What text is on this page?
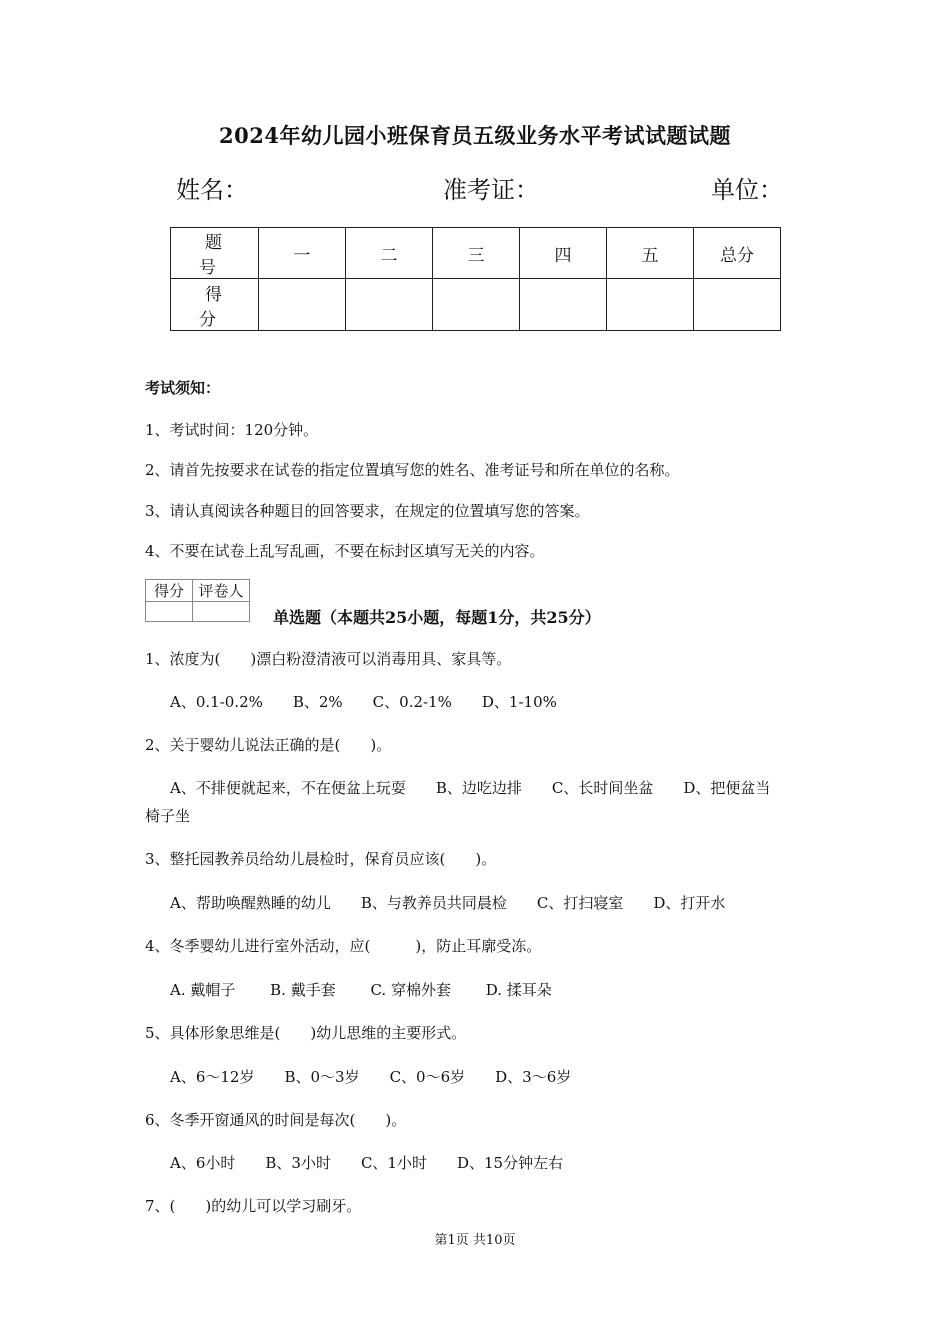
2024年幼儿园小班保育员五级业务水平考试试题试题
姓名：	准考证：	单位：
题　号	一	二	三	四	五	总分
得　分						
考试须知：
1、考试时间：120分钟。
2、请首先按要求在试卷的指定位置填写您的姓名、准考证号和所在单位的名称。
3、请认真阅读各种题目的回答要求，在规定的位置填写您的答案。
4、不要在试卷上乱写乱画，不要在标封区填写无关的内容。
得分	评卷人

单选题（本题共25小题，每题1分，共25分）
1、浓度为(　　)漂白粉澄清液可以消毒用具、家具等。
A、0.1-0.2%　　B、2%　　C、0.2-1%　　D、1-10%
2、关于婴幼儿说法正确的是(　　)。
A、不排便就起来，不在便盆上玩耍　　B、边吃边排　　C、长时间坐盆　　D、把便盆当
椅子坐
3、整托园教养员给幼儿晨检时，保育员应该(　　)。
A、帮助唤醒熟睡的幼儿　　B、与教养员共同晨检　　C、打扫寝室　　D、打开水
4、冬季婴幼儿进行室外活动，应(　　　)，防止耳廓受冻。
A. 戴帽子　　 B. 戴手套　　 C. 穿棉外套　　 D. 揉耳朵
5、具体形象思维是(　　)幼儿思维的主要形式。
A、6～12岁　　B、0～3岁　　C、0～6岁　　D、3～6岁
6、冬季开窗通风的时间是每次(　　)。
A、6小时　　B、3小时　　C、1小时　　D、15分钟左右
7、(　　)的幼儿可以学习刷牙。
第1页 共10页
